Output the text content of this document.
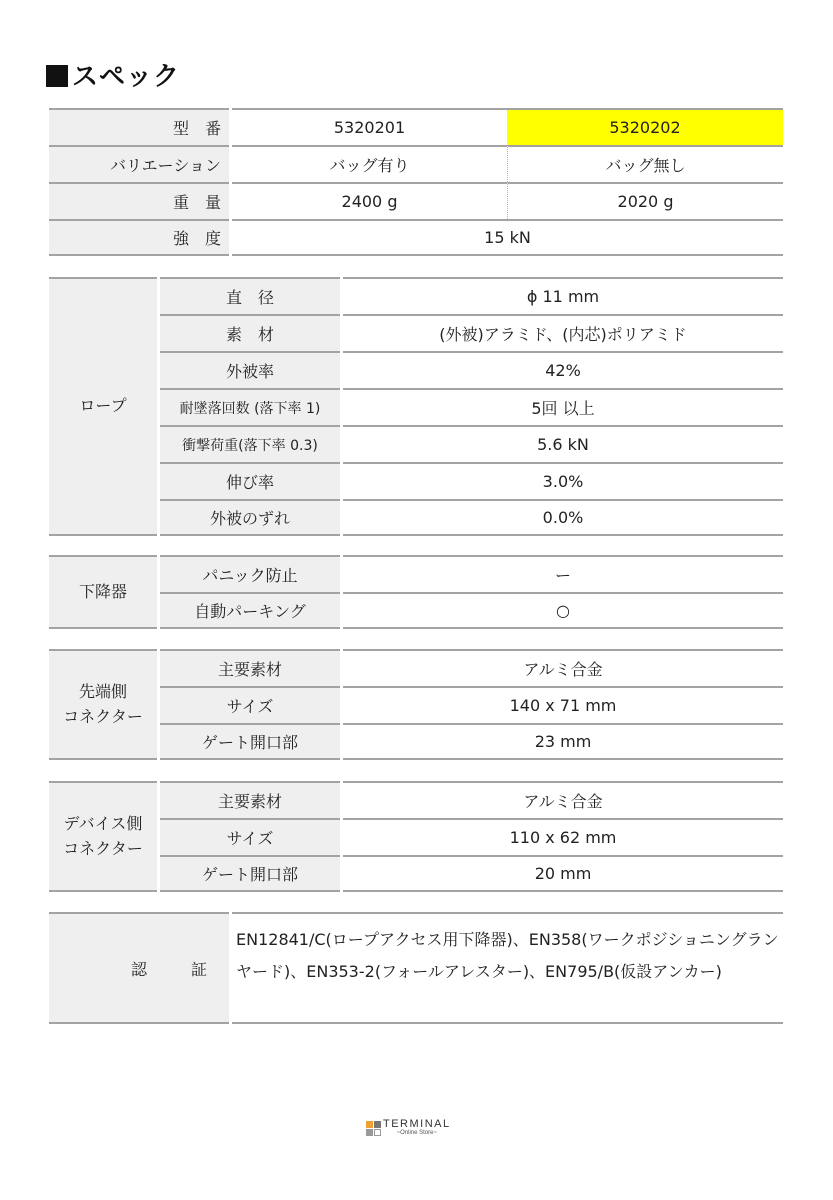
スペック
型　番	5320201	5320202
バリエーション	バッグ有り	バッグ無し
重　量	2400 g	2020 g
強　度	15 kN
ロープ
直　径	ϕ 11 mm
素　材	(外被)アラミド、(内芯)ポリアミド
外被率	42%
耐墜落回数 (落下率 1)	5回 以上
衝撃荷重(落下率 0.3)	5.6 kN
伸び率	3.0%
外被のずれ	0.0%
下降器
パニック防止	ー
自動パーキング	○
先端側
コネクター
主要素材	アルミ合金
サイズ	140 x 71 mm
ゲート開口部	23 mm
デバイス側
コネクター
主要素材	アルミ合金
サイズ	110 x 62 mm
ゲート開口部	20 mm
認　証
EN12841/C(ロープアクセス用下降器)、EN358(ワークポジショニングランヤード)、EN353-2(フォールアレスター)、EN795/B(仮設アンカー)
TERMINAL
~Online Store~
